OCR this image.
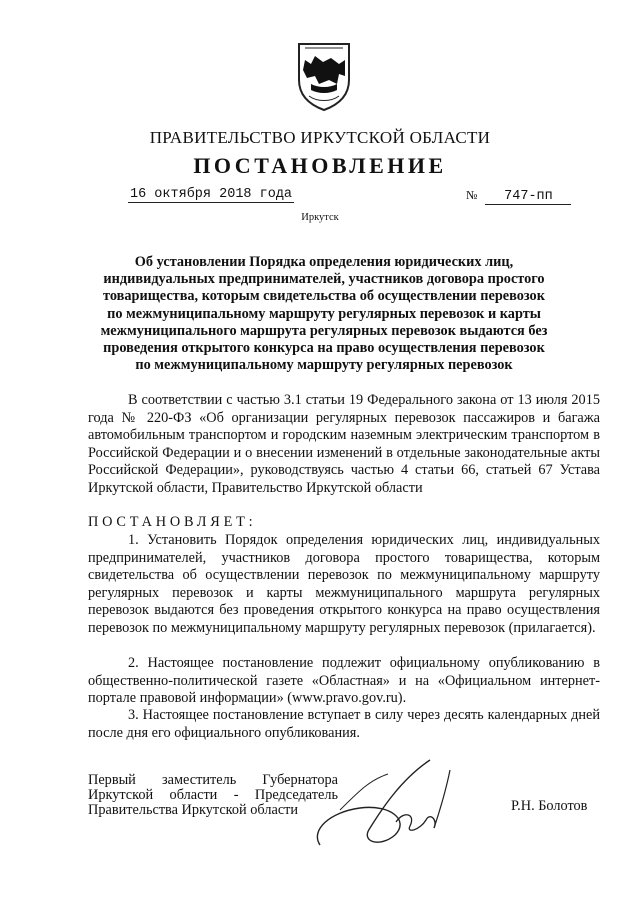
ПРАВИТЕЛЬСТВО ИРКУТСКОЙ ОБЛАСТИ
ПОСТАНОВЛЕНИЕ
16 октября 2018 года	№ 747-пп
Иркутск
Об установлении Порядка определения юридических лиц, индивидуальных предпринимателей, участников договора простого товарищества, которым свидетельства об осуществлении перевозок по межмуниципальному маршруту регулярных перевозок и карты межмуниципального маршрута регулярных перевозок выдаются без проведения открытого конкурса на право осуществления перевозок по межмуниципальному маршруту регулярных перевозок
В соответствии с частью 3.1 статьи 19 Федерального закона от 13 июля 2015 года № 220-ФЗ «Об организации регулярных перевозок пассажиров и багажа автомобильным транспортом и городским наземным электрическим транспортом в Российской Федерации и о внесении изменений в отдельные законодательные акты Российской Федерации», руководствуясь частью 4 статьи 66, статьей 67 Устава Иркутской области, Правительство Иркутской области
ПОСТАНОВЛЯЕТ:
1. Установить Порядок определения юридических лиц, индивидуальных предпринимателей, участников договора простого товарищества, которым свидетельства об осуществлении перевозок по межмуниципальному маршруту регулярных перевозок и карты межмуниципального маршрута регулярных перевозок выдаются без проведения открытого конкурса на право осуществления перевозок по межмуниципальному маршруту регулярных перевозок (прилагается).
2. Настоящее постановление подлежит официальному опубликованию в общественно-политической газете «Областная» и на «Официальном интернет-портале правовой информации» (www.pravo.gov.ru).
3. Настоящее постановление вступает в силу через десять календарных дней после дня его официального опубликования.
Первый заместитель Губернатора
Иркутской области - Председатель
Правительства Иркутской области	Р.Н. Болотов
